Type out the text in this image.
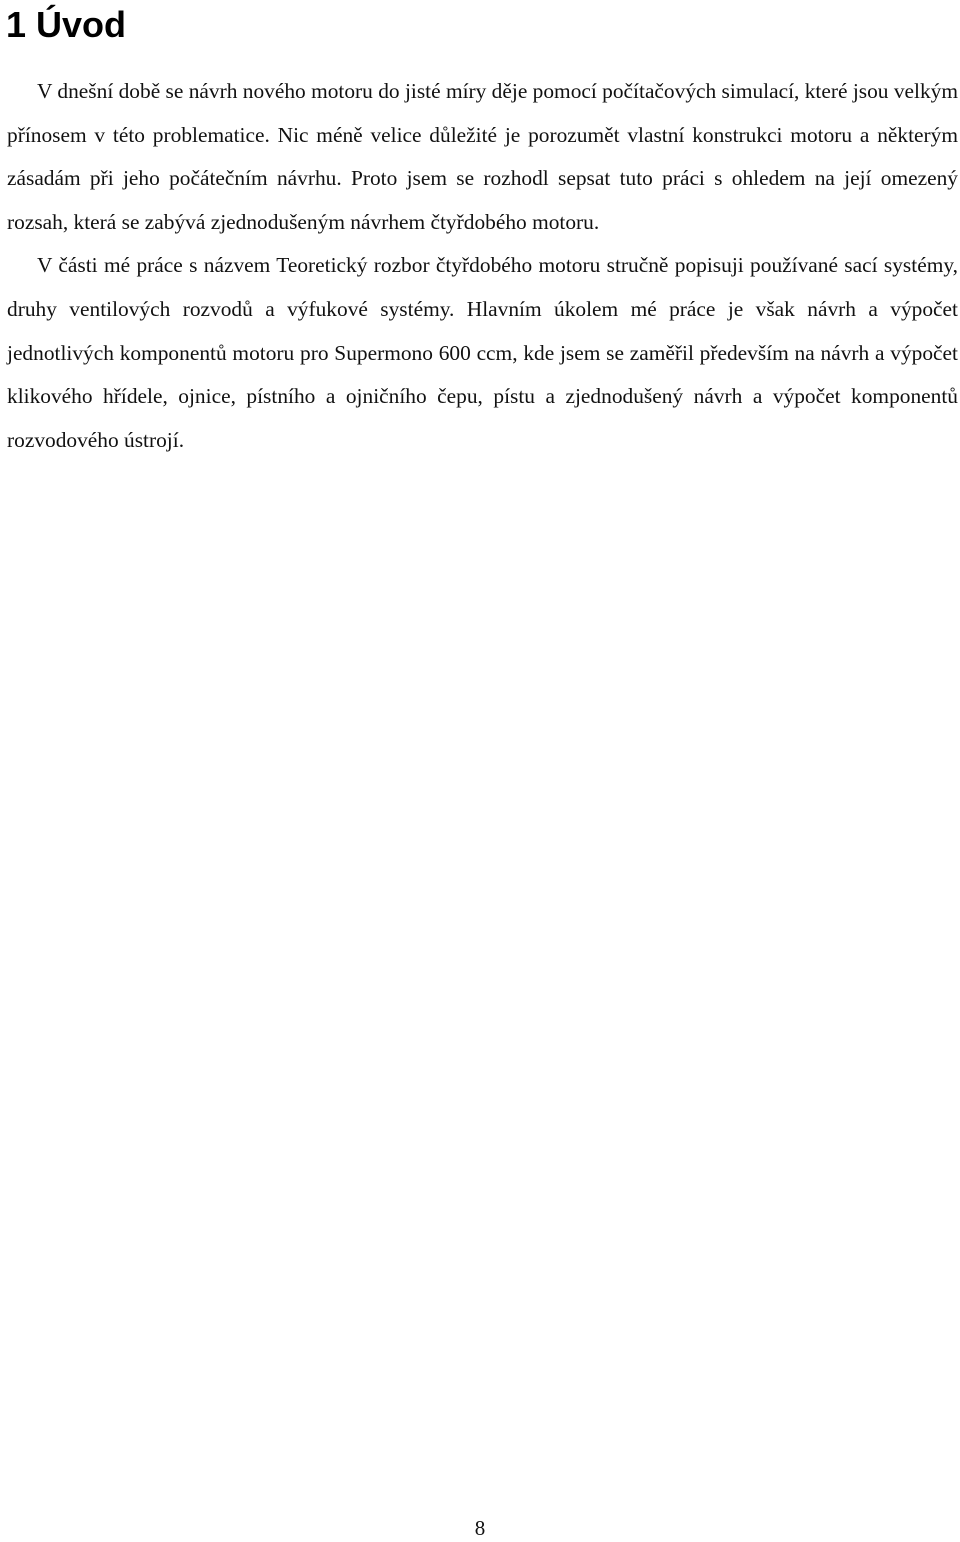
1 Úvod

V dnešní době se návrh nového motoru do jisté míry děje pomocí počítačových simulací, které jsou velkým přínosem v této problematice. Nic méně velice důležité je porozumět vlastní konstrukci motoru a některým zásadám při jeho počátečním návrhu. Proto jsem se rozhodl sepsat tuto práci s ohledem na její omezený rozsah, která se zabývá zjednodušeným návrhem čtyřdobého motoru.

V části mé práce s názvem Teoretický rozbor čtyřdobého motoru stručně popisuji používané sací systémy, druhy ventilových rozvodů a výfukové systémy. Hlavním úkolem mé práce je však návrh a výpočet jednotlivých komponentů motoru pro Supermono 600 ccm, kde jsem se zaměřil především na návrh a výpočet klikového hřídele, ojnice, pístního a ojničního čepu, pístu a zjednodušený návrh a výpočet komponentů rozvodového ústrojí.

8
